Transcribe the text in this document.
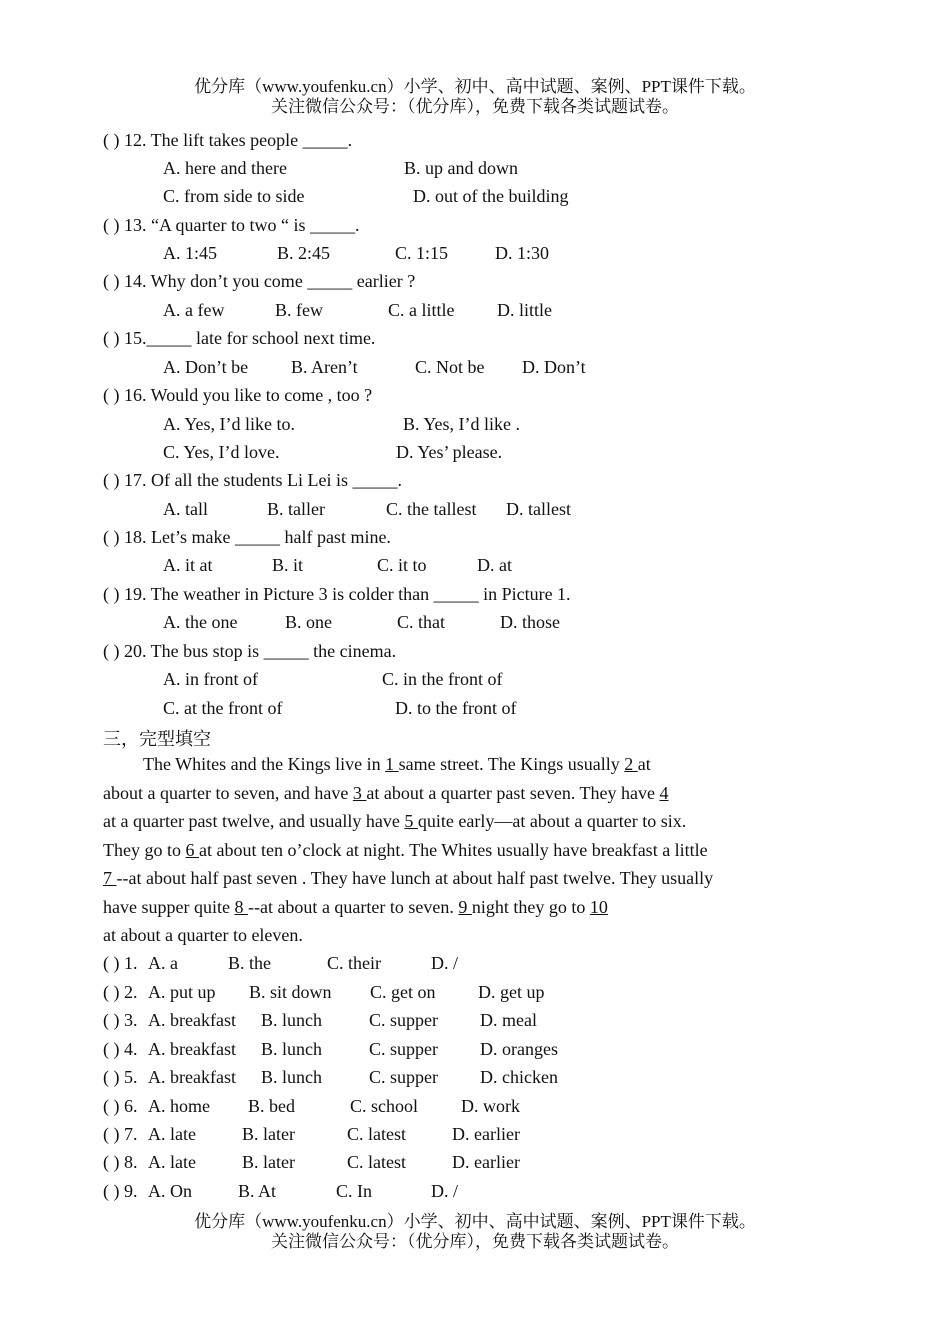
优分库（www.youfenku.cn）小学、初中、高中试题、案例、PPT课件下载。
关注微信公众号：（优分库），免费下载各类试题试卷。
( ) 12. The lift takes people _____.
A. here and there	B. up and down
C. from side to side	D. out of the building
( ) 13. “A quarter to two “ is _____.
A. 1:45	B. 2:45	C. 1:15	D. 1:30
( ) 14. Why don’t you come _____ earlier ?
A. a few	B. few	C. a little D. little
( ) 15._____ late for school next time.
A. Don’t be B. Aren’t	C. Not be D. Don’t
( ) 16. Would you like to come , too ?
A. Yes, I’d like to.	B. Yes, I’d like .
C. Yes, I’d love.	D. Yes’ please.
( ) 17. Of all the students Li Lei is _____.
A. tall	B. taller	C. the tallest D. tallest
( ) 18. Let’s make _____ half past mine.
A. it at	B. it	C. it to	D. at
( ) 19. The weather in Picture 3 is colder than _____ in Picture 1.
A. the one	B. one	C. that	D. those
( ) 20. The bus stop is _____ the cinema.
A. in front of	C. in the front of
C. at the front of	D. to the front of
三，完型填空
The Whites and the Kings live in 1 same street. The Kings usually 2 at
about a quarter to seven, and have 3 at about a quarter past seven. They have 4
at a quarter past twelve, and usually have 5 quite early—at about a quarter to six.
They go to 6 at about ten o’clock at night. The Whites usually have breakfast a little
7 --at about half past seven . They have lunch at about half past twelve. They usually
have supper quite 8 --at about a quarter to seven. 9 night they go to 10
at about a quarter to eleven.
( ) 1. A. a	B. the	C. their	D. /
( ) 2. A. put up B. sit down C. get on D. get up
( ) 3. A. breakfast B. lunch	C. supper D. meal
( ) 4. A. breakfast B. lunch	C. supper D. oranges
( ) 5. A. breakfast B. lunch	C. supper D. chicken
( ) 6. A. home B. bed	C. school D. work
( ) 7. A. late	B. later	C. latest	D. earlier
( ) 8. A. late	B. later	C. latest	D. earlier
( ) 9. A. On	B. At	C. In	D. /
优分库（www.youfenku.cn）小学、初中、高中试题、案例、PPT课件下载。
关注微信公众号：（优分库），免费下载各类试题试卷。
